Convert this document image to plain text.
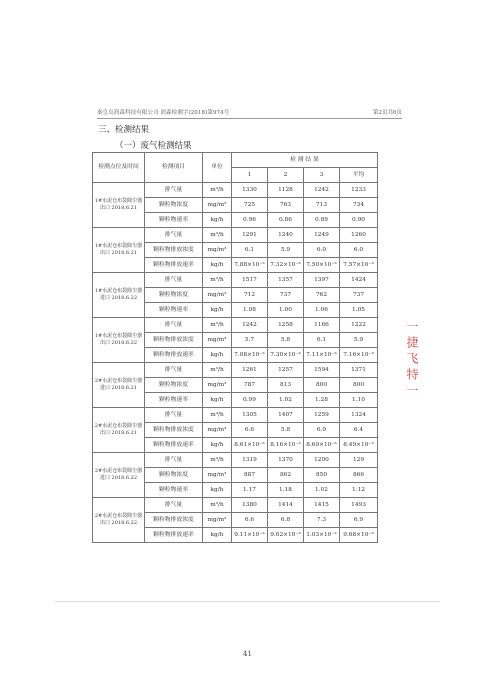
秦皇岛润森科技有限公司 润森检测字(2018)第974号	第2页共6页
三、检测结果
（一）废气检测结果
检测点位及时间	检测项目	单位	检 测 结 果			
			1	2	3	平均
1#水泥仓布袋除尘器出口 2018.6.21	排气量	m³/h	1330	1128	1242	1233
	颗粒物浓度	mg/m³	725	763	713	734
	颗粒物速率	kg/h	0.96	0.86	0.89	0.90
1#水泥仓布袋除尘器出口 2018.6.21	排气量	m³/h	1291	1240	1249	1260
	颗粒物排放浓度	mg/m³	6.1	5.9	6.0	6.0
	颗粒物排放速率	kg/h	7.88×10⁻³	7.32×10⁻³	7.50×10⁻³	7.57×10⁻³
1#水泥仓布袋除尘器进口 2018.6.22	排气量	m³/h	1517	1357	1397	1424
	颗粒物浓度	mg/m³	712	737	762	737
	颗粒物速率	kg/h	1.08	1.00	1.06	1.05
1#水泥仓布袋除尘器出口 2018.6.22	排气量	m³/h	1242	1258	1166	1222
	颗粒物排放浓度	mg/m³	5.7	5.8	6.1	5.9
	颗粒物排放速率	kg/h	7.08×10⁻³	7.30×10⁻³	7.11×10⁻³	7.16×10⁻³
2#水泥仓布袋除尘器进口 2018.6.21	排气量	m³/h	1261	1257	1594	1371
	颗粒物浓度	mg/m³	787	813	800	800
	颗粒物速率	kg/h	0.99	1.02	1.28	1.10
2#水泥仓布袋除尘器出口 2018.6.21	排气量	m³/h	1305	1407	1259	1324
	颗粒物排放浓度	mg/m³	6.6	5.8	6.9	6.4
	颗粒物排放速率	kg/h	8.61×10⁻³	8.16×10⁻³	8.69×10⁻³	8.49×10⁻³
2#水泥仓布袋除尘器进口 2018.6.22	排气量	m³/h	1319	1370	1200	129
	颗粒物浓度	mg/m³	887	862	850	866
	颗粒物速率	kg/h	1.17	1.18	1.02	1.12
2#水泥仓布袋除尘器出口 2018.6.22	排气量	m³/h	1380	1414	1415	1493
	颗粒物排放浓度	mg/m³	6.6	6.8	7.3	6.9
	颗粒物排放速率	kg/h	9.11×10⁻³	9.62×10⁻³	1.03×10⁻²	9.68×10⁻³
一捷飞特一
41
